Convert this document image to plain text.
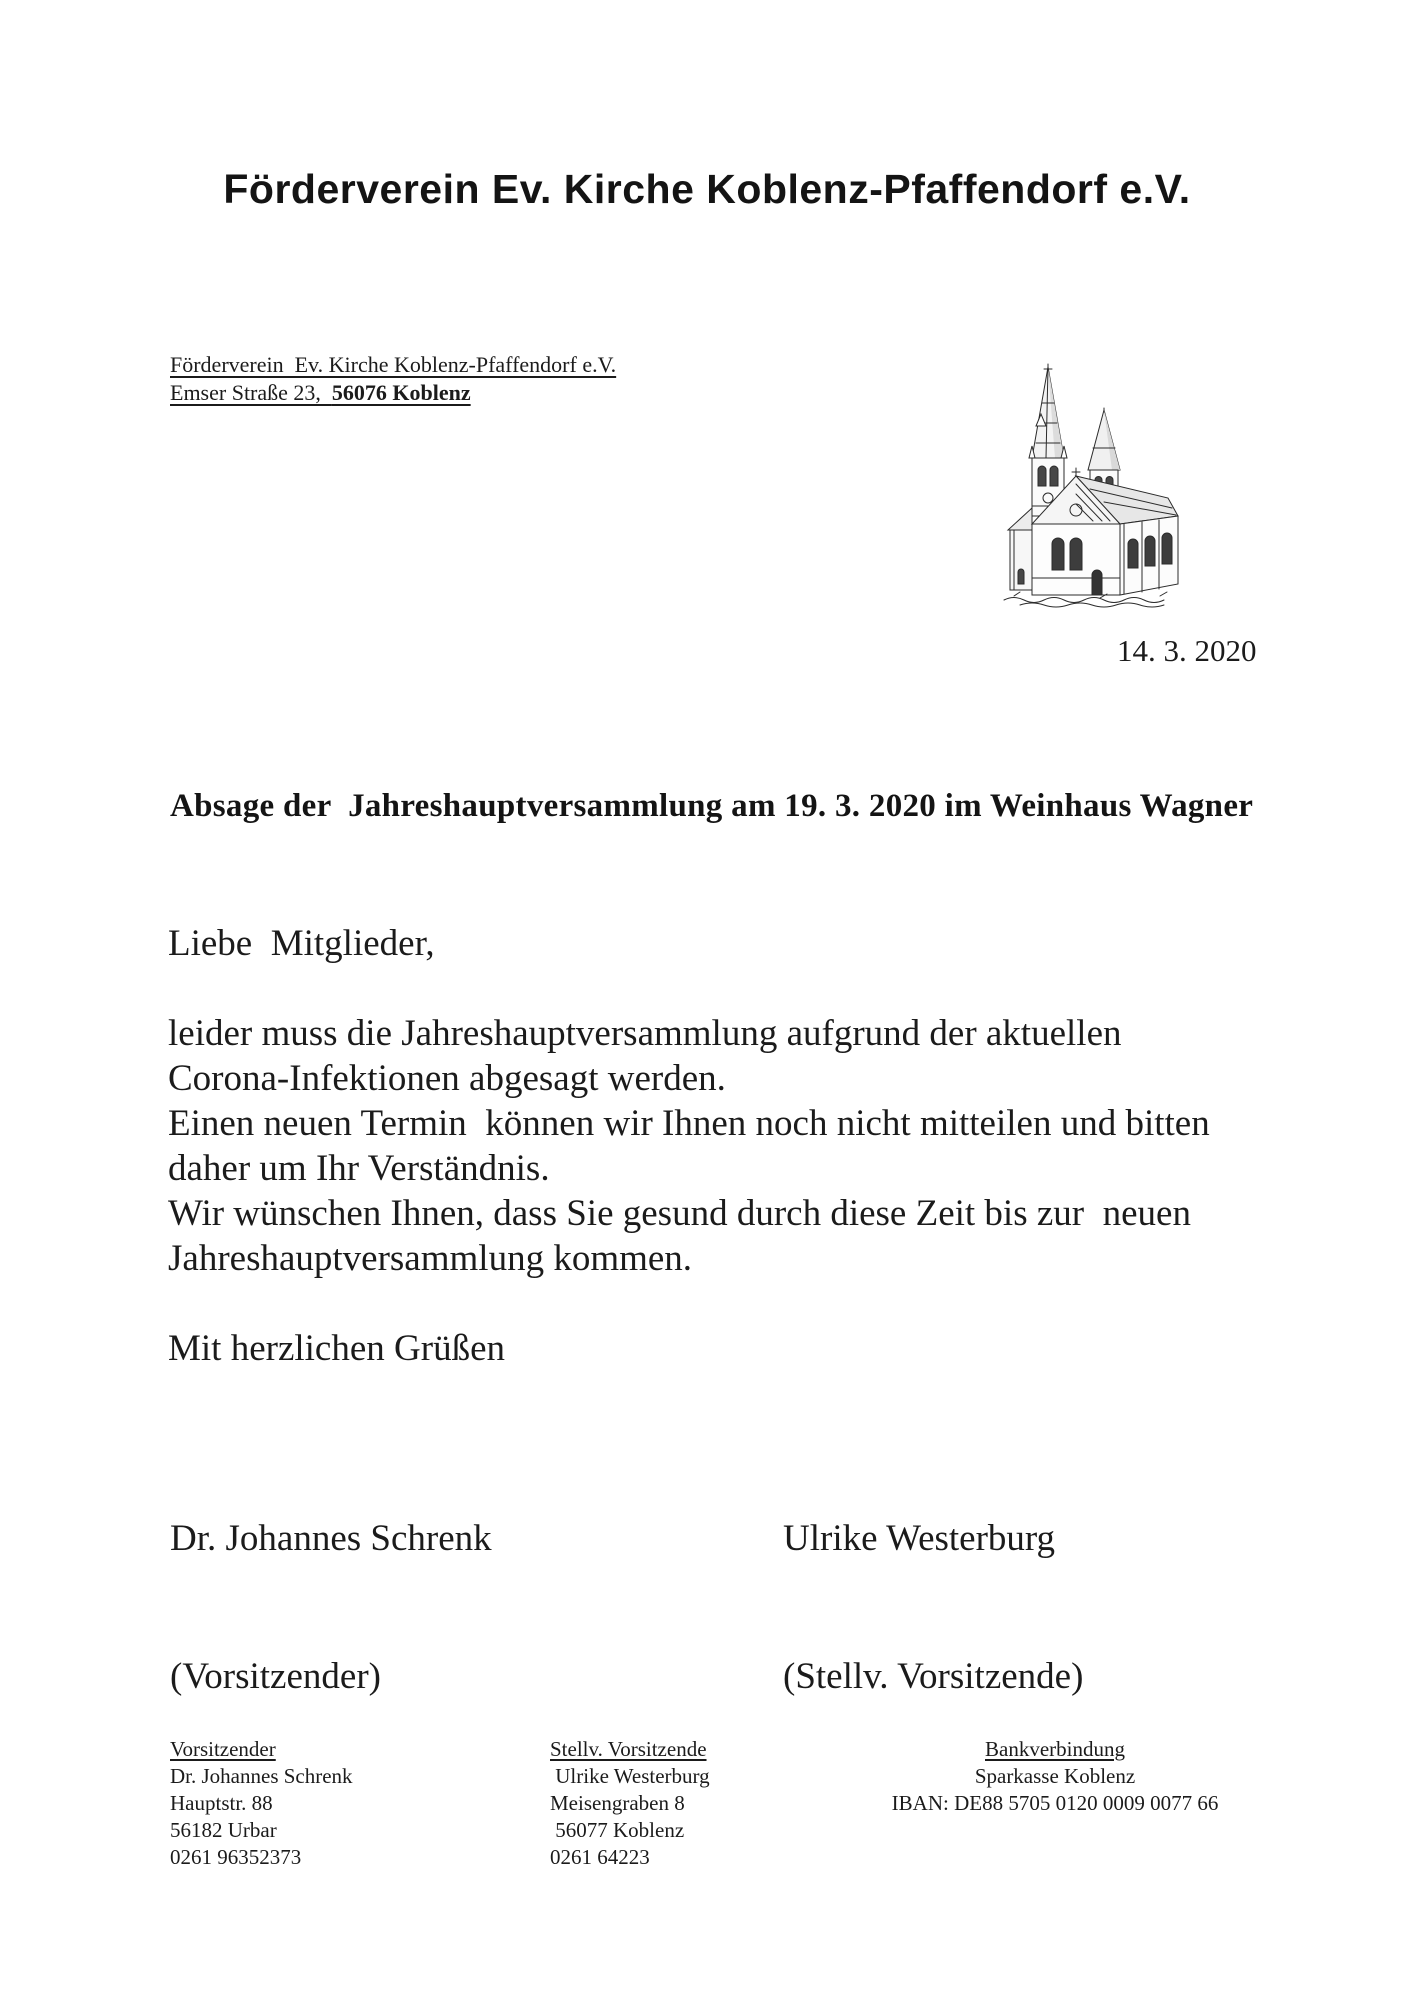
Förderverein Ev. Kirche Koblenz-Pfaffendorf e.V.
Förderverein  Ev. Kirche Koblenz-Pfaffendorf e.V.
Emser Straße 23,  56076 Koblenz
14. 3. 2020
Absage der  Jahreshauptversammlung am 19. 3. 2020 im Weinhaus Wagner
Liebe  Mitglieder,
leider muss die Jahreshauptversammlung aufgrund der aktuellen
Corona-Infektionen abgesagt werden.
Einen neuen Termin  können wir Ihnen noch nicht mitteilen und bitten
daher um Ihr Verständnis.
Wir wünschen Ihnen, dass Sie gesund durch diese Zeit bis zur  neuen
Jahreshauptversammlung kommen.
Mit herzlichen Grüßen

Dr. Johannes Schrenk

(Vorsitzender)

Ulrike Westerburg

(Stellv. Vorsitzende)

Vorsitzender
Dr. Johannes Schrenk
Hauptstr. 88
56182 Urbar
0261 96352373
Stellv. Vorsitzende
Ulrike Westerburg
Meisengraben 8
56077 Koblenz
0261 64223
Bankverbindung
Sparkasse Koblenz
IBAN: DE88 5705 0120 0009 0077 66
